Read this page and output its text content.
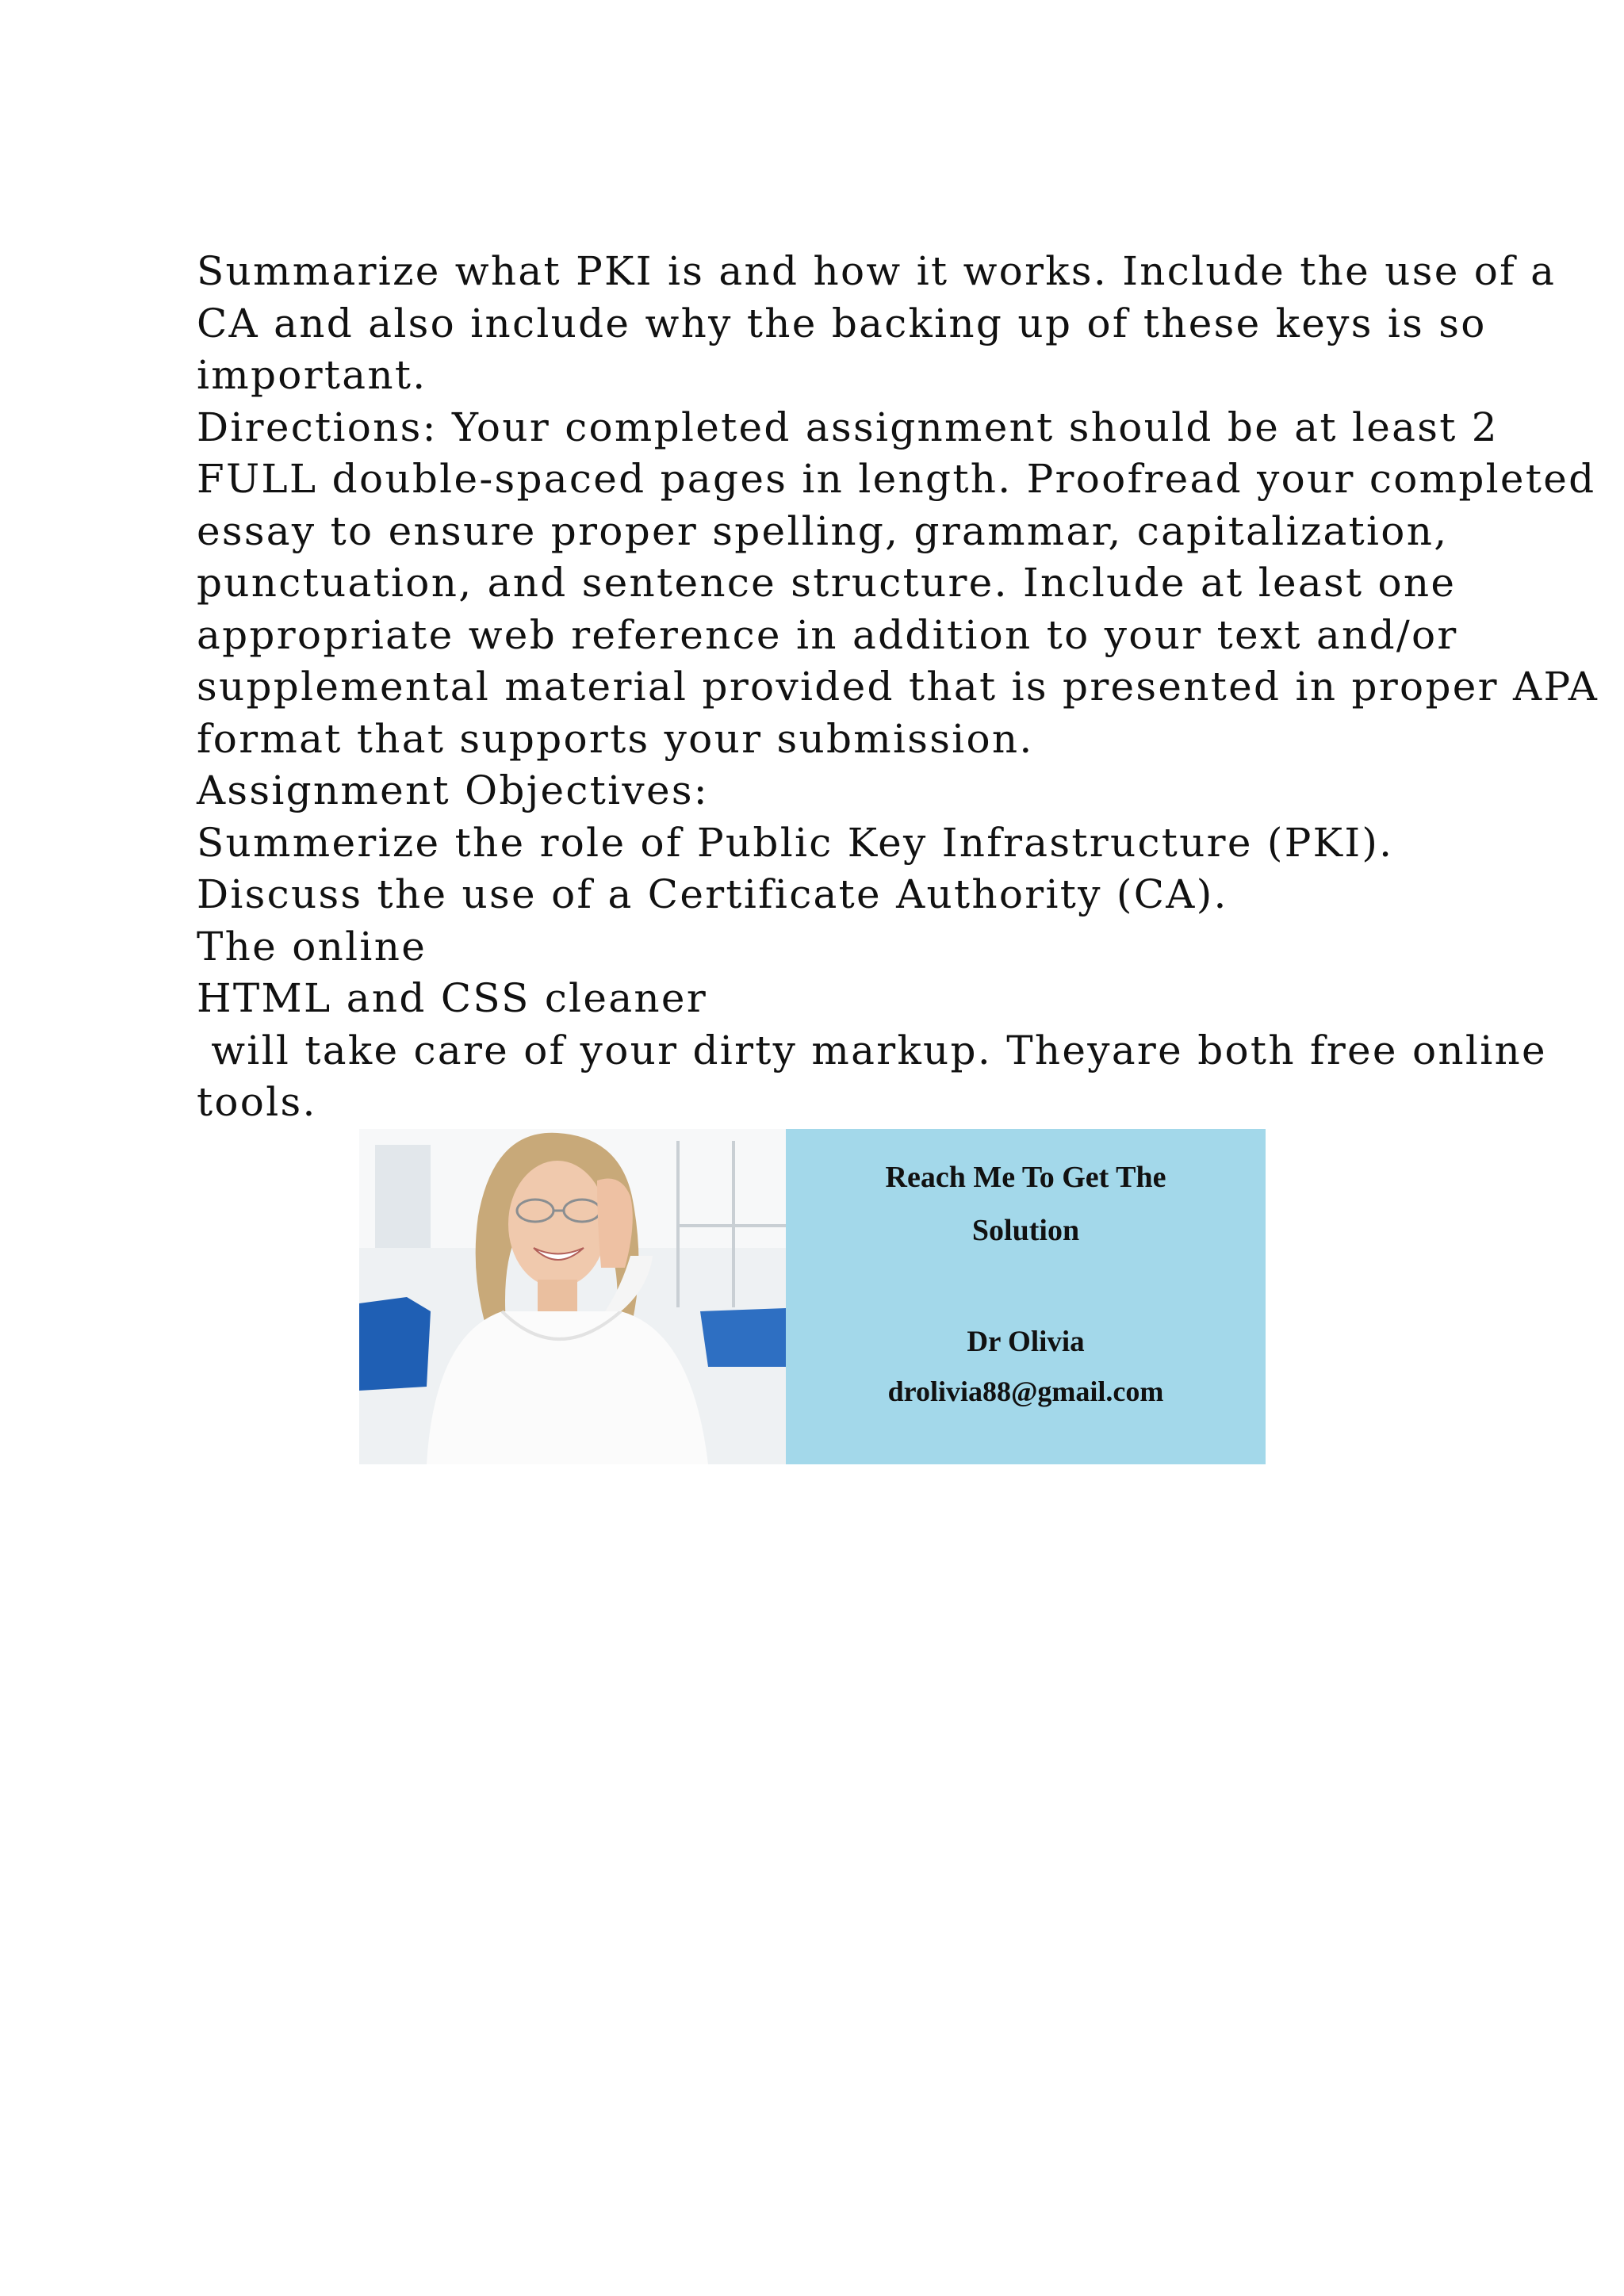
Summarize what PKI is and how it works. Include the use of a
CA and also include why the backing up of these keys is so
important.
Directions: Your completed assignment should be at least 2
FULL double-spaced pages in length. Proofread your completed
essay to ensure proper spelling, grammar, capitalization,
punctuation, and sentence structure. Include at least one
appropriate web reference in addition to your text and/or
supplemental material provided that is presented in proper APA
format that supports your submission.
Assignment Objectives:
Summerize the role of Public Key Infrastructure (PKI).
Discuss the use of a Certificate Authority (CA).
The online
HTML and CSS cleaner
will take care of your dirty markup. Theyare both free online
tools.
Reach Me To Get The
Solution
Dr Olivia
drolivia88@gmail.com
